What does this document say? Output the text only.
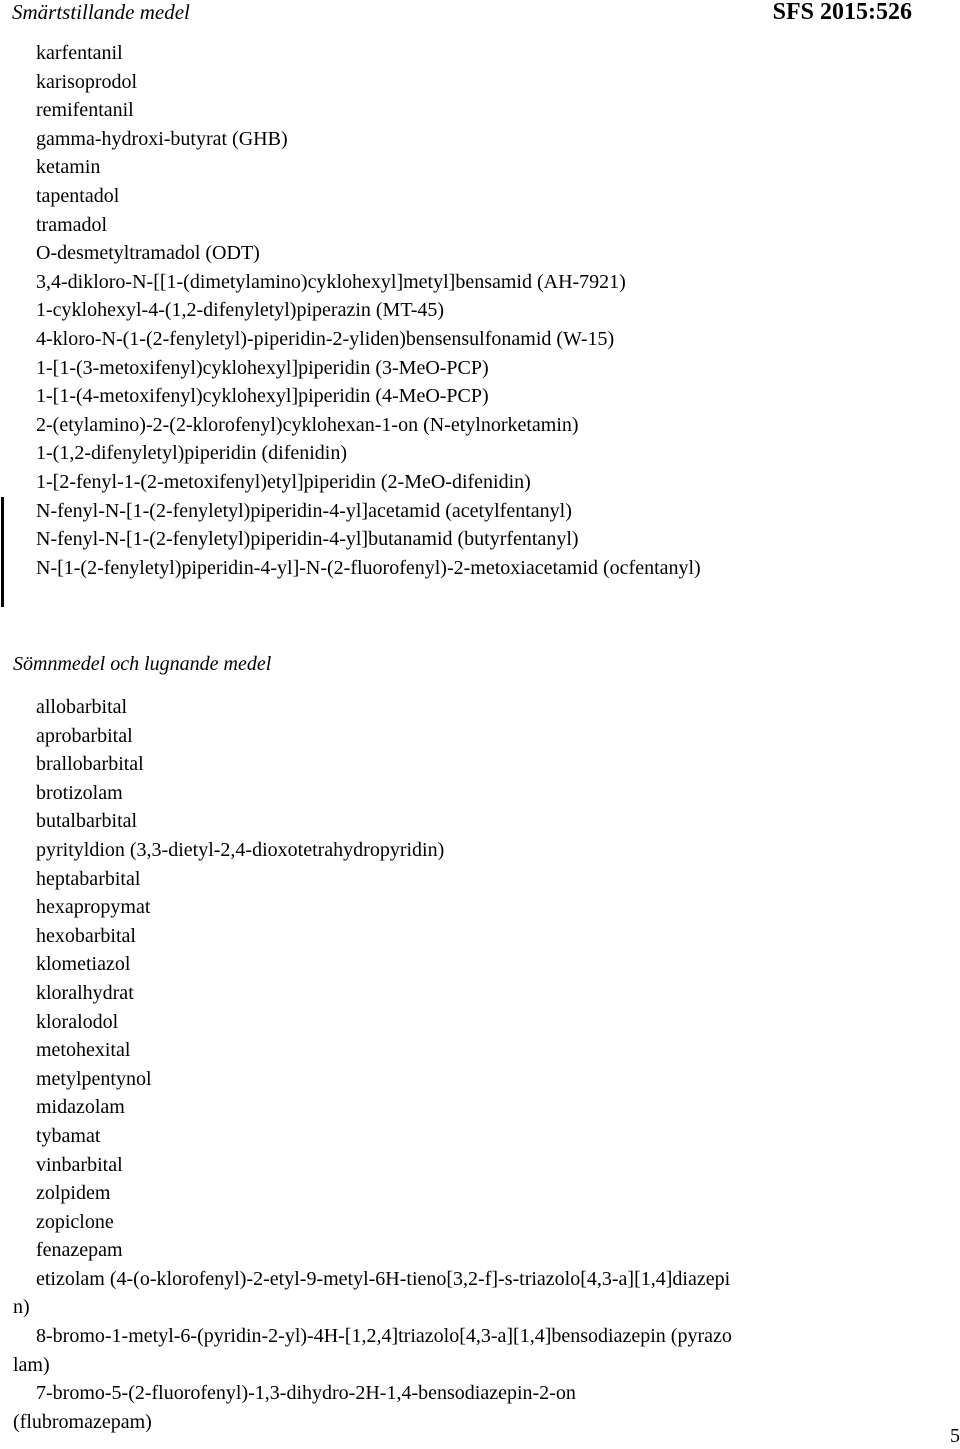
Smärtstillande medel	SFS 2015:526
karfentanil
karisoprodol
remifentanil
gamma-hydroxi-butyrat (GHB)
ketamin
tapentadol
tramadol
O-desmetyltramadol (ODT)
3,4-dikloro-N-[[1-(dimetylamino)cyklohexyl]metyl]bensamid (AH-7921)
1-cyklohexyl-4-(1,2-difenyletyl)piperazin (MT-45)
4-kloro-N-(1-(2-fenyletyl)-piperidin-2-yliden)bensensulfonamid (W-15)
1-[1-(3-metoxifenyl)cyklohexyl]piperidin (3-MeO-PCP)
1-[1-(4-metoxifenyl)cyklohexyl]piperidin (4-MeO-PCP)
2-(etylamino)-2-(2-klorofenyl)cyklohexan-1-on (N-etylnorketamin)
1-(1,2-difenyletyl)piperidin (difenidin)
1-[2-fenyl-1-(2-metoxifenyl)etyl]piperidin (2-MeO-difenidin)
N-fenyl-N-[1-(2-fenyletyl)piperidin-4-yl]acetamid (acetylfentanyl)
N-fenyl-N-[1-(2-fenyletyl)piperidin-4-yl]butanamid (butyrfentanyl)
N-[1-(2-fenyletyl)piperidin-4-yl]-N-(2-fluorofenyl)-2-metoxiacetamid (ocfentanyl)
Sömnmedel och lugnande medel
allobarbital
aprobarbital
brallobarbital
brotizolam
butalbarbital
pyrityldion (3,3-dietyl-2,4-dioxotetrahydropyridin)
heptabarbital
hexapropymat
hexobarbital
klometiazol
kloralhydrat
kloralodol
metohexital
metylpentynol
midazolam
tybamat
vinbarbital
zolpidem
zopiclone
fenazepam
etizolam (4-(o-klorofenyl)-2-etyl-9-metyl-6H-tieno[3,2-f]-s-triazolo[4,3-a][1,4]diazepin)
8-bromo-1-metyl-6-(pyridin-2-yl)-4H-[1,2,4]triazolo[4,3-a][1,4]bensodiazepin (pyrazolam)
7-bromo-5-(2-fluorofenyl)-1,3-dihydro-2H-1,4-bensodiazepin-2-on (flubromazepam)
5
